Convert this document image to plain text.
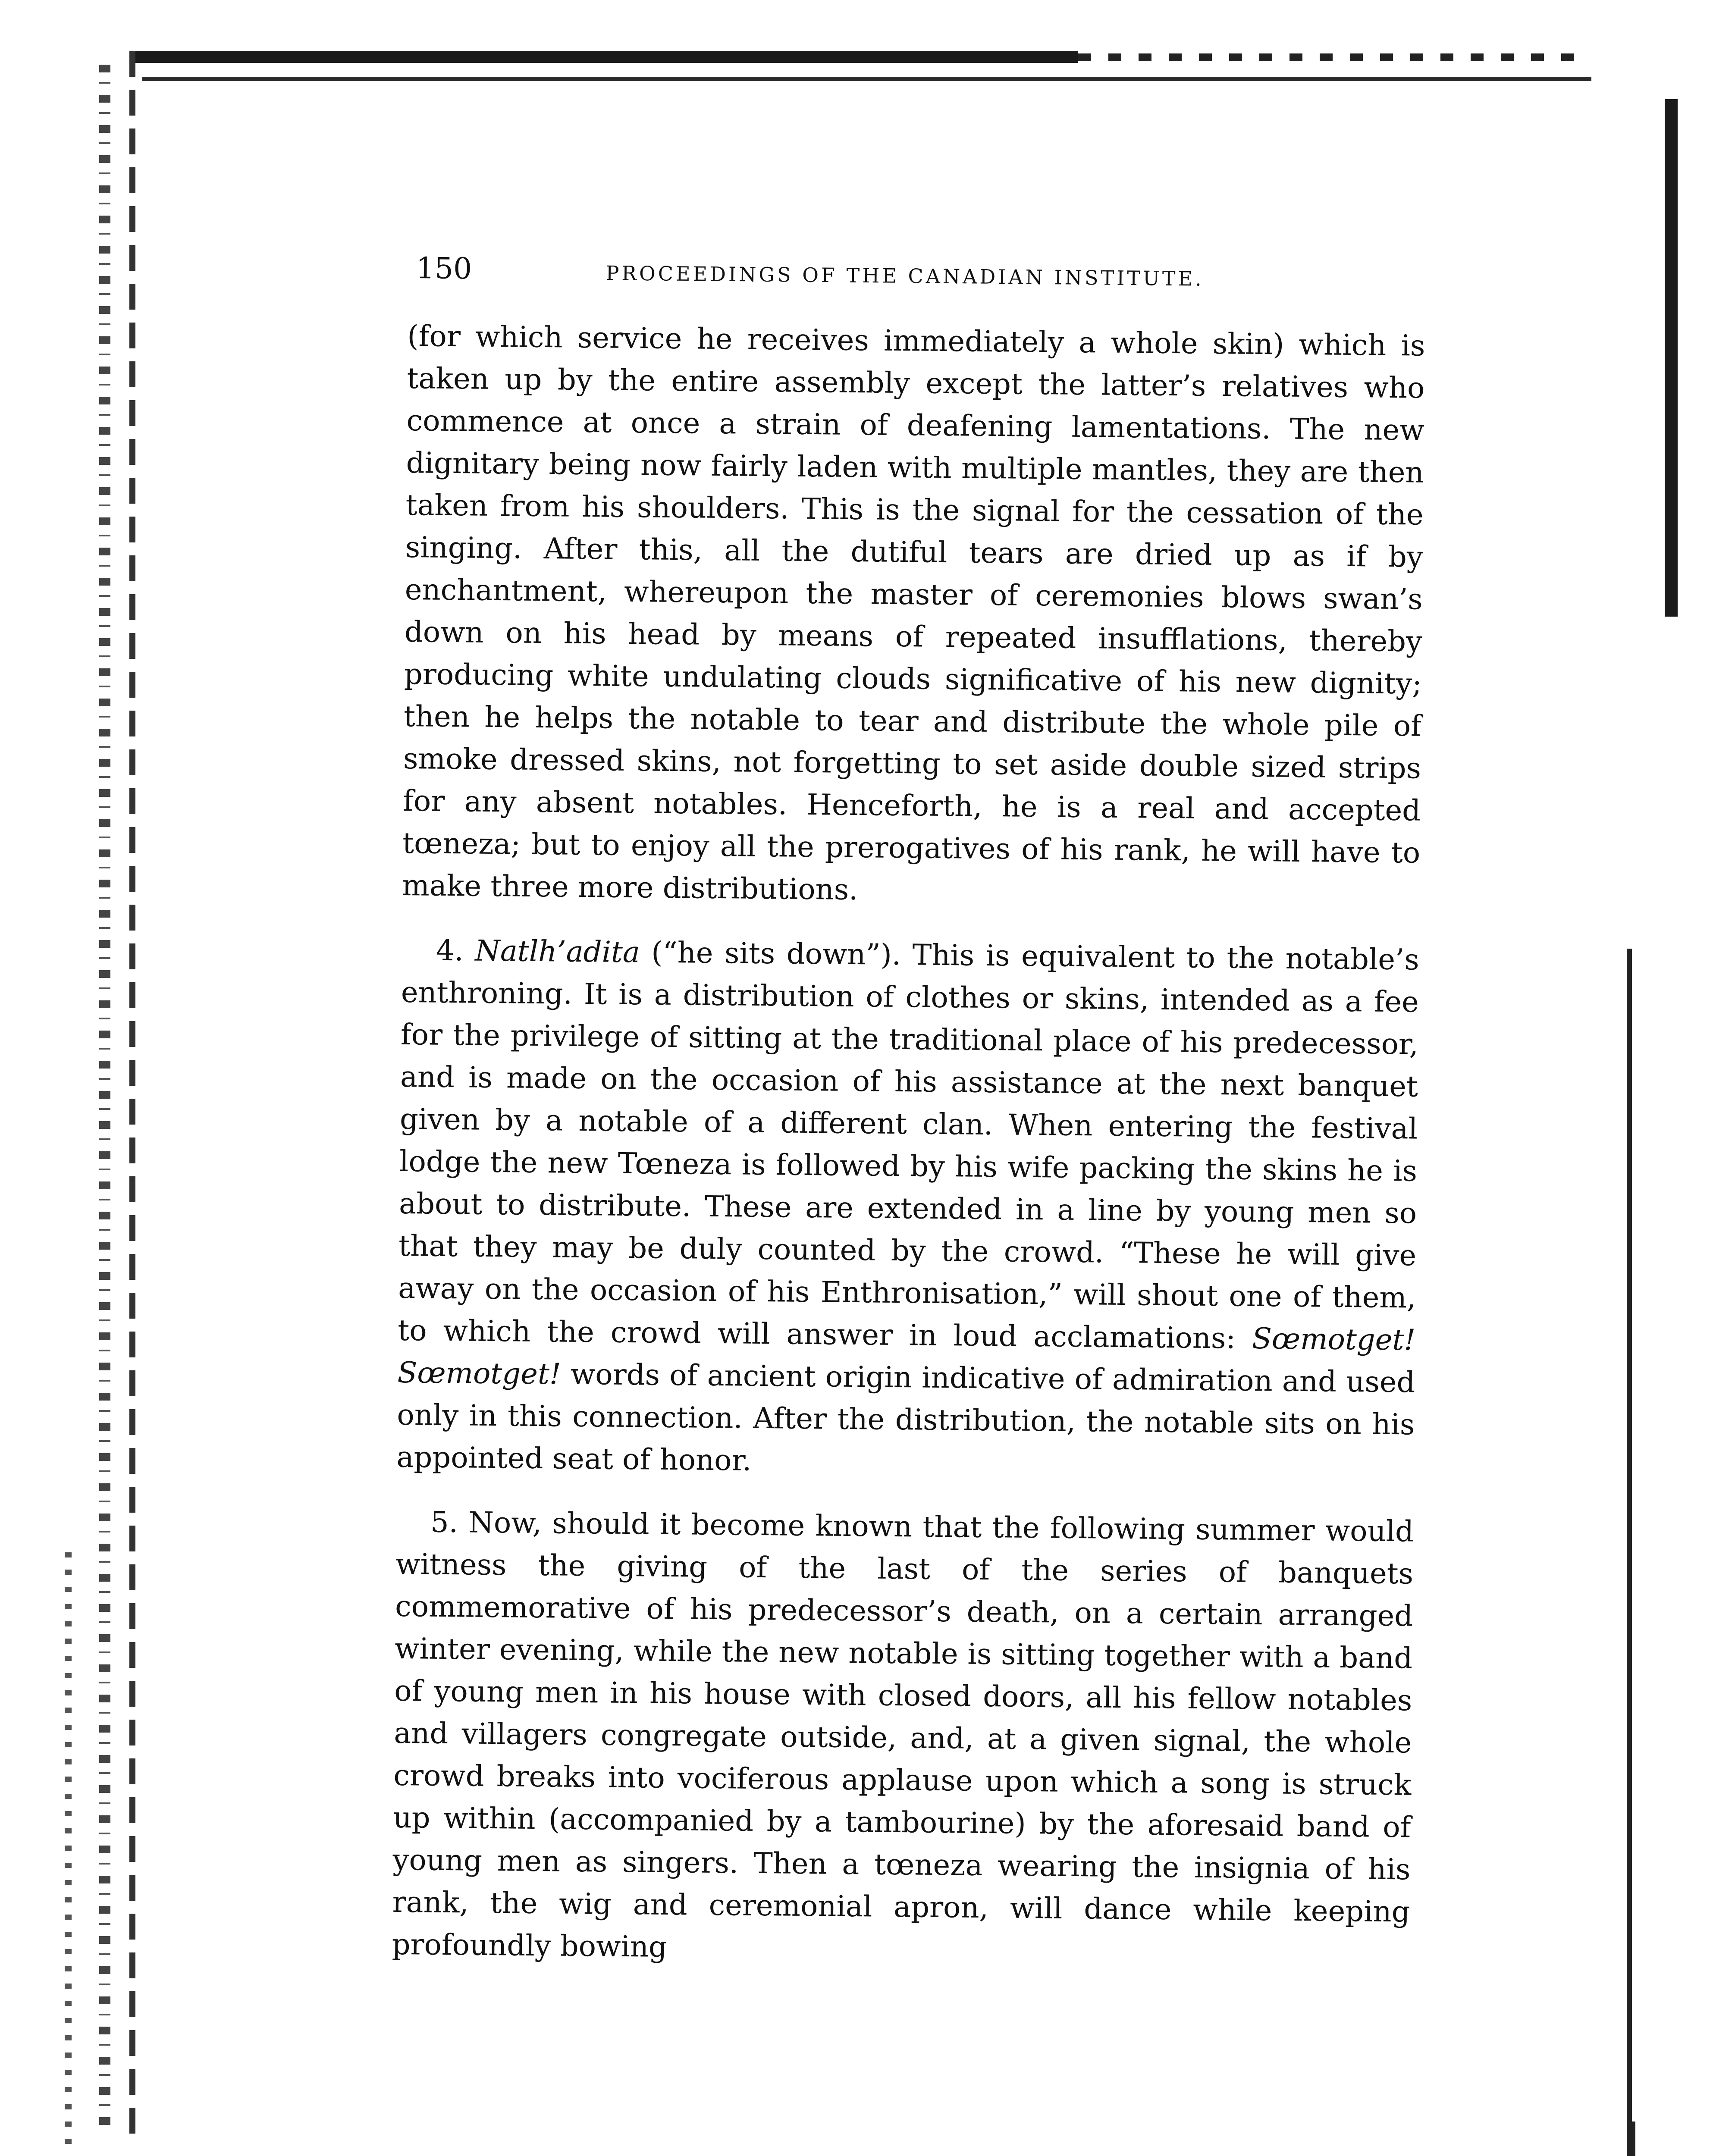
150	PROCEEDINGS OF THE CANADIAN INSTITUTE.

(for which service he receives immediately a whole skin) which is taken up by the entire assembly except the latter’s relatives who commence at once a strain of deafening lamentations. The new dignitary being now fairly laden with multiple mantles, they are then taken from his shoulders. This is the signal for the cessation of the singing. After this, all the dutiful tears are dried up as if by enchantment, whereupon the master of ceremonies blows swan’s down on his head by means of repeated insufflations, thereby producing white undulating clouds significative of his new dignity; then he helps the notable to tear and distribute the whole pile of smoke dressed skins, not forgetting to set aside double sized strips for any absent notables. Henceforth, he is a real and accepted tœneza; but to enjoy all the prerogatives of his rank, he will have to make three more distributions.

4. Natlh’adita (“he sits down”). This is equivalent to the notable’s enthroning. It is a distribution of clothes or skins, intended as a fee for the privilege of sitting at the traditional place of his predecessor, and is made on the occasion of his assistance at the next banquet given by a notable of a different clan. When entering the festival lodge the new Tœneza is followed by his wife packing the skins he is about to distribute. These are extended in a line by young men so that they may be duly counted by the crowd. “These he will give away on the occasion of his Enthronisation,” will shout one of them, to which the crowd will answer in loud acclamations: Sœmotget! Sœmotget! words of ancient origin indicative of admiration and used only in this connection. After the distribution, the notable sits on his appointed seat of honor.

5. Now, should it become known that the following summer would witness the giving of the last of the series of banquets commemorative of his predecessor’s death, on a certain arranged winter evening, while the new notable is sitting together with a band of young men in his house with closed doors, all his fellow notables and villagers congregate outside, and, at a given signal, the whole crowd breaks into vociferous applause upon which a song is struck up within (accompanied by a tambourine) by the aforesaid band of young men as singers. Then a tœneza wearing the insignia of his rank, the wig and ceremonial apron, will dance while keeping profoundly bowing
